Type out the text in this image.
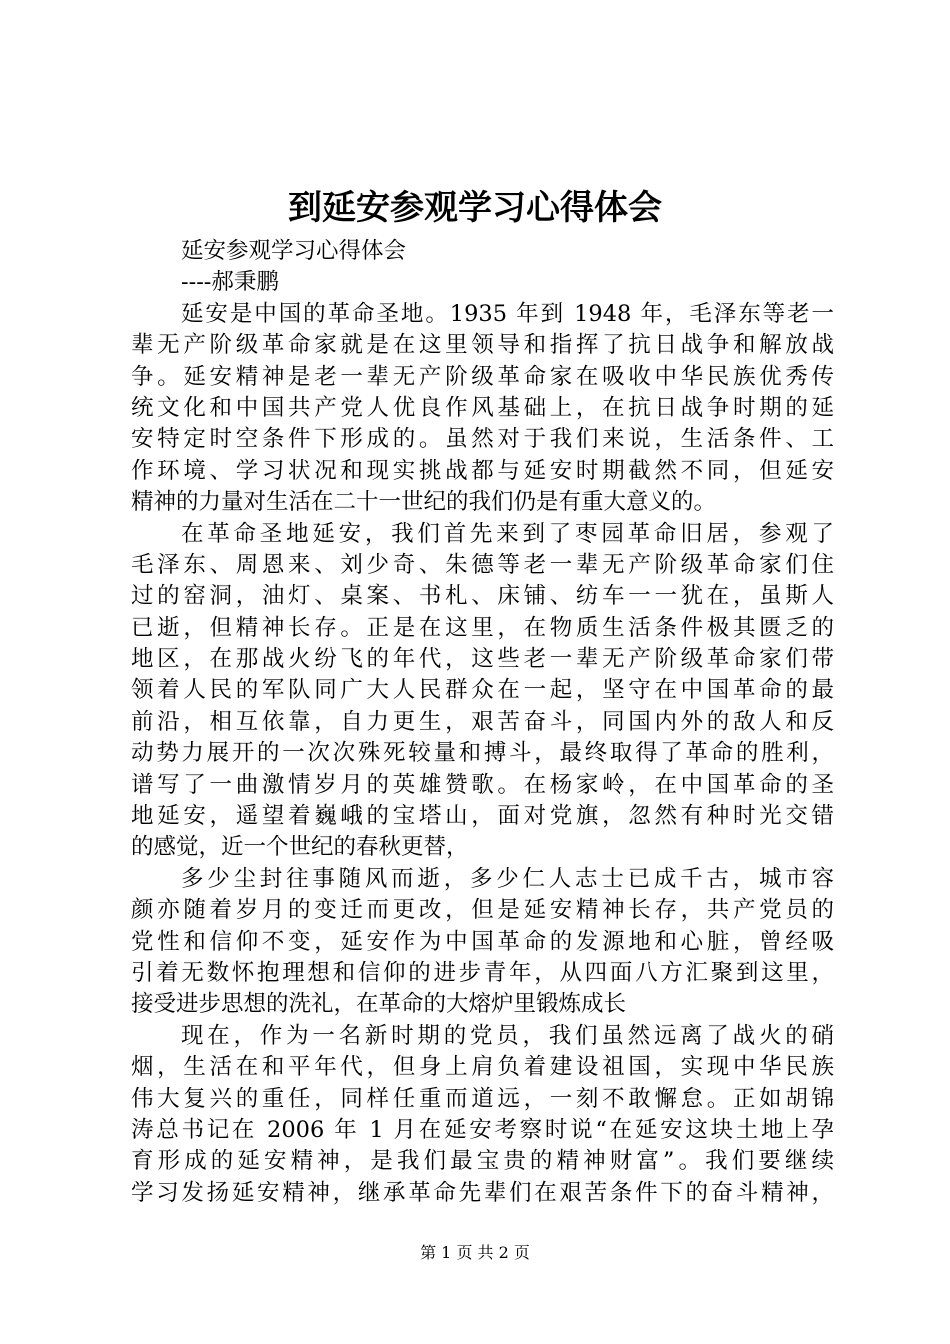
到延安参观学习心得体会
延安参观学习心得体会
----郝秉鹏
延安是中国的革命圣地。1935 年到 1948 年，毛泽东等老一
辈无产阶级革命家就是在这里领导和指挥了抗日战争和解放战
争。延安精神是老一辈无产阶级革命家在吸收中华民族优秀传
统文化和中国共产党人优良作风基础上，在抗日战争时期的延
安特定时空条件下形成的。虽然对于我们来说，生活条件、工
作环境、学习状况和现实挑战都与延安时期截然不同，但延安
精神的力量对生活在二十一世纪的我们仍是有重大意义的。
在革命圣地延安，我们首先来到了枣园革命旧居，参观了
毛泽东、周恩来、刘少奇、朱德等老一辈无产阶级革命家们住
过的窑洞，油灯、桌案、书札、床铺、纺车一一犹在，虽斯人
已逝，但精神长存。正是在这里，在物质生活条件极其匮乏的
地区，在那战火纷飞的年代，这些老一辈无产阶级革命家们带
领着人民的军队同广大人民群众在一起，坚守在中国革命的最
前沿，相互依靠，自力更生，艰苦奋斗，同国内外的敌人和反
动势力展开的一次次殊死较量和搏斗，最终取得了革命的胜利，
谱写了一曲激情岁月的英雄赞歌。在杨家岭，在中国革命的圣
地延安，遥望着巍峨的宝塔山，面对党旗，忽然有种时光交错
的感觉，近一个世纪的春秋更替，
多少尘封往事随风而逝，多少仁人志士已成千古，城市容
颜亦随着岁月的变迁而更改，但是延安精神长存，共产党员的
党性和信仰不变，延安作为中国革命的发源地和心脏，曾经吸
引着无数怀抱理想和信仰的进步青年，从四面八方汇聚到这里，
接受进步思想的洗礼，在革命的大熔炉里锻炼成长
现在，作为一名新时期的党员，我们虽然远离了战火的硝
烟，生活在和平年代，但身上肩负着建设祖国，实现中华民族
伟大复兴的重任，同样任重而道远，一刻不敢懈怠。正如胡锦
涛总书记在 2006 年 1 月在延安考察时说“在延安这块土地上孕
育形成的延安精神，是我们最宝贵的精神财富”。我们要继续
学习发扬延安精神，继承革命先辈们在艰苦条件下的奋斗精神，
第 1 页 共 2 页
